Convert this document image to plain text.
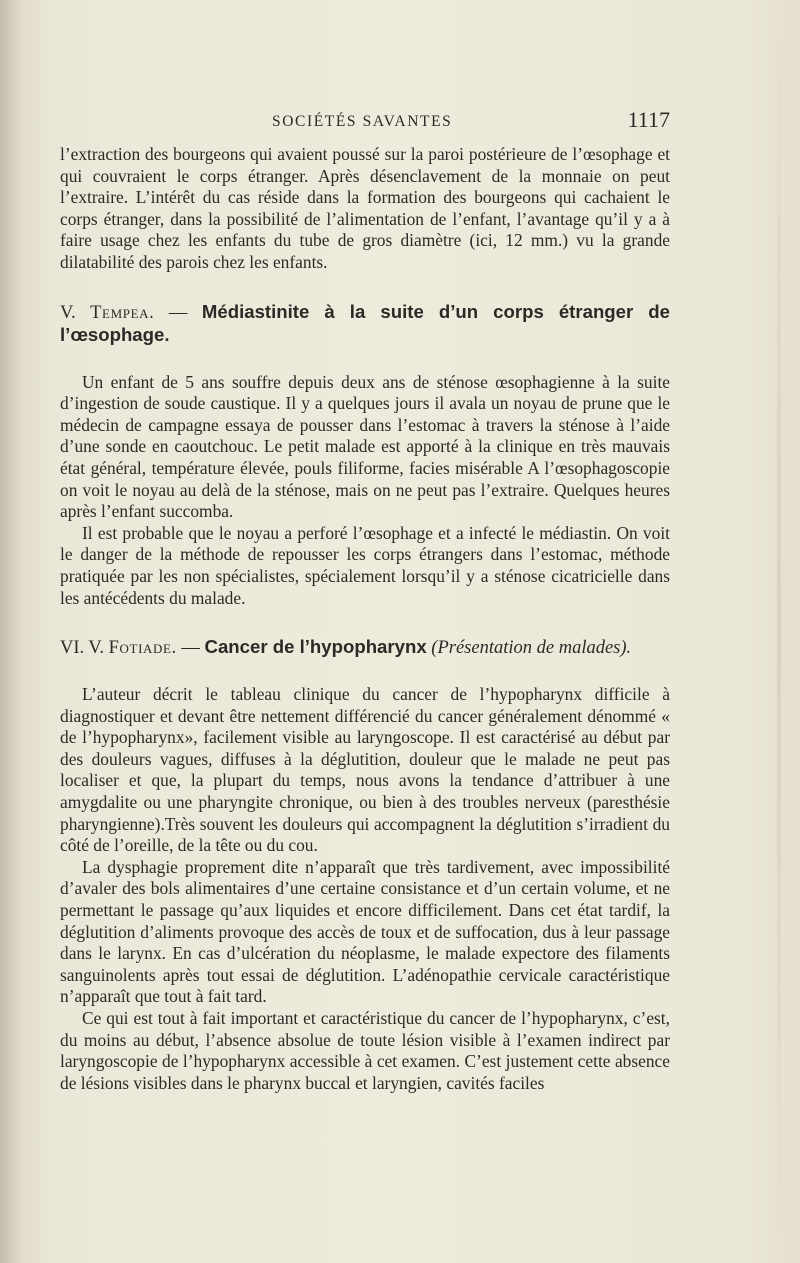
SOCIÉTÉS SAVANTES	1117

l’extraction des bourgeons qui avaient poussé sur la paroi postérieure de l’œsophage et qui couvraient le corps étranger. Après désenclavement de la monnaie on peut l’extraire. L’intérêt du cas réside dans la formation des bourgeons qui cachaient le corps étranger, dans la possibilité de l’alimentation de l’enfant, l’avantage qu’il y a à faire usage chez les enfants du tube de gros diamètre (ici, 12 mm.) vu la grande dilatabilité des parois chez les enfants.

V. Tempea. — Médiastinite à la suite d’un corps étranger de l’œsophage.

Un enfant de 5 ans souffre depuis deux ans de sténose œsophagienne à la suite d’ingestion de soude caustique. Il y a quelques jours il avala un noyau de prune que le médecin de campagne essaya de pousser dans l’estomac à travers la sténose à l’aide d’une sonde en caoutchouc. Le petit malade est apporté à la clinique en très mauvais état général, température élevée, pouls filiforme, facies misérable A l’œsophagoscopie on voit le noyau au delà de la sténose, mais on ne peut pas l’extraire. Quelques heures après l’enfant succomba.

Il est probable que le noyau a perforé l’œsophage et a infecté le médiastin. On voit le danger de la méthode de repousser les corps étrangers dans l’estomac, méthode pratiquée par les non spécialistes, spécialement lorsqu’il y a sténose cicatricielle dans les antécédents du malade.

VI. V. Fotiade. — Cancer de l’hypopharynx (Présentation de malades).

L’auteur décrit le tableau clinique du cancer de l’hypopharynx difficile à diagnostiquer et devant être nettement différencié du cancer généralement dénommé « de l’hypopharynx», facilement visible au laryngoscope. Il est caractérisé au début par des douleurs vagues, diffuses à la déglutition, douleur que le malade ne peut pas localiser et que, la plupart du temps, nous avons la tendance d’attribuer à une amygdalite ou une pharyngite chronique, ou bien à des troubles nerveux (paresthésie pharyngienne).Très souvent les douleurs qui accompagnent la déglutition s’irradient du côté de l’oreille, de la tête ou du cou.

La dysphagie proprement dite n’apparaît que très tardivement, avec impossibilité d’avaler des bols alimentaires d’une certaine consistance et d’un certain volume, et ne permettant le passage qu’aux liquides et encore difficilement. Dans cet état tardif, la déglutition d’aliments provoque des accès de toux et de suffocation, dus à leur passage dans le larynx. En cas d’ulcération du néoplasme, le malade expectore des filaments sanguinolents après tout essai de déglutition. L’adénopathie cervicale caractéristique n’apparaît que tout à fait tard.

Ce qui est tout à fait important et caractéristique du cancer de l’hypopharynx, c’est, du moins au début, l’absence absolue de toute lésion visible à l’examen indirect par laryngoscopie de l’hypopharynx accessible à cet examen. C’est justement cette absence de lésions visibles dans le pharynx buccal et laryngien, cavités faciles
